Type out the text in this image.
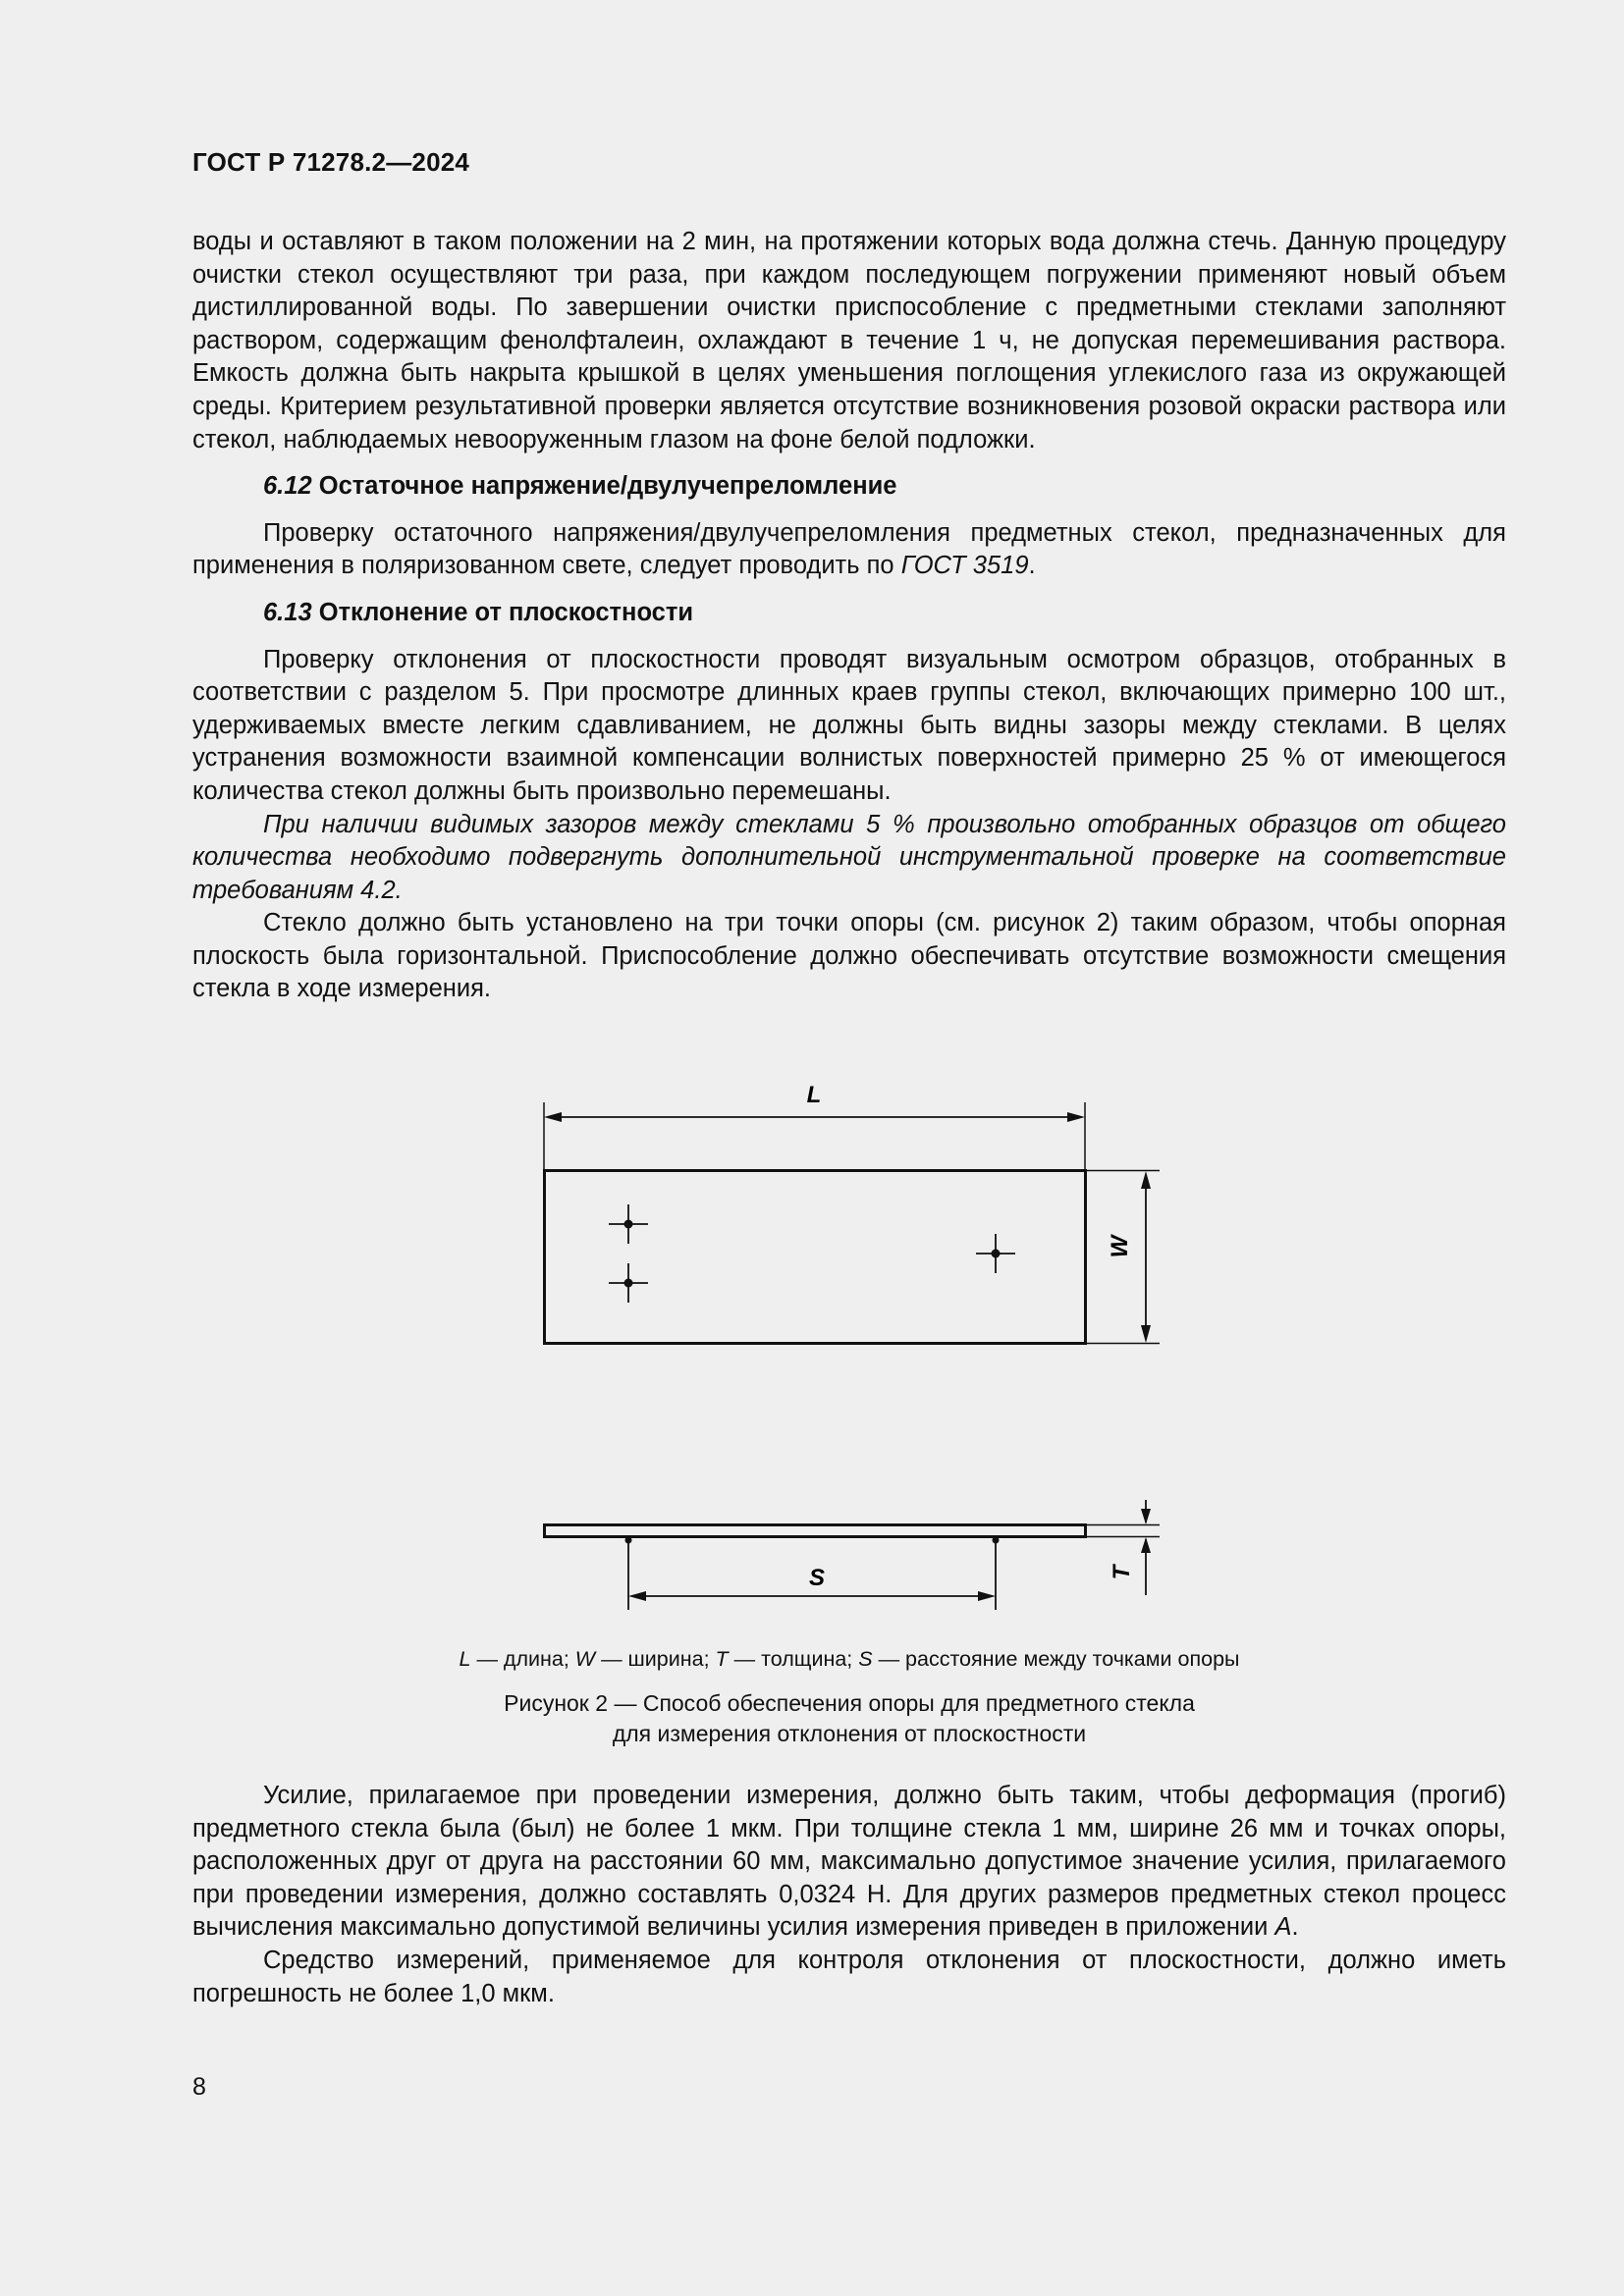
ГОСТ Р 71278.2—2024

воды и оставляют в таком положении на 2 мин, на протяжении которых вода должна стечь. Данную процедуру очистки стекол осуществляют три раза, при каждом последующем погружении применяют новый объем дистиллированной воды. По завершении очистки приспособление с предметными стеклами заполняют раствором, содержащим фенолфталеин, охлаждают в течение 1 ч, не допуская перемешивания раствора. Емкость должна быть накрыта крышкой в целях уменьшения поглощения углекислого газа из окружающей среды. Критерием результативной проверки является отсутствие возникновения розовой окраски раствора или стекол, наблюдаемых невооруженным глазом на фоне белой подложки.

6.12 Остаточное напряжение/двулучепреломление

Проверку остаточного напряжения/двулучепреломления предметных стекол, предназначенных для применения в поляризованном свете, следует проводить по ГОСТ 3519.

6.13 Отклонение от плоскостности

Проверку отклонения от плоскостности проводят визуальным осмотром образцов, отобранных в соответствии с разделом 5. При просмотре длинных краев группы стекол, включающих примерно 100 шт., удерживаемых вместе легким сдавливанием, не должны быть видны зазоры между стеклами. В целях устранения возможности взаимной компенсации волнистых поверхностей примерно 25 % от имеющегося количества стекол должны быть произвольно перемешаны.

При наличии видимых зазоров между стеклами 5 % произвольно отобранных образцов от общего количества необходимо подвергнуть дополнительной инструментальной проверке на соответствие требованиям 4.2.

Стекло должно быть установлено на три точки опоры (см. рисунок 2) таким образом, чтобы опорная плоскость была горизонтальной. Приспособление должно обеспечивать отсутствие возможности смещения стекла в ходе измерения.

L
W
T
S
L — длина; W — ширина; T — толщина; S — расстояние между точками опоры
Рисунок 2 — Способ обеспечения опоры для предметного стекла
для измерения отклонения от плоскостности

Усилие, прилагаемое при проведении измерения, должно быть таким, чтобы деформация (прогиб) предметного стекла была (был) не более 1 мкм. При толщине стекла 1 мм, ширине 26 мм и точках опоры, расположенных друг от друга на расстоянии 60 мм, максимально допустимое значение усилия, прилагаемого при проведении измерения, должно составлять 0,0324 Н. Для других размеров предметных стекол процесс вычисления максимально допустимой величины усилия измерения приведен в приложении А.

Средство измерений, применяемое для контроля отклонения от плоскостности, должно иметь погрешность не более 1,0 мкм.

8
